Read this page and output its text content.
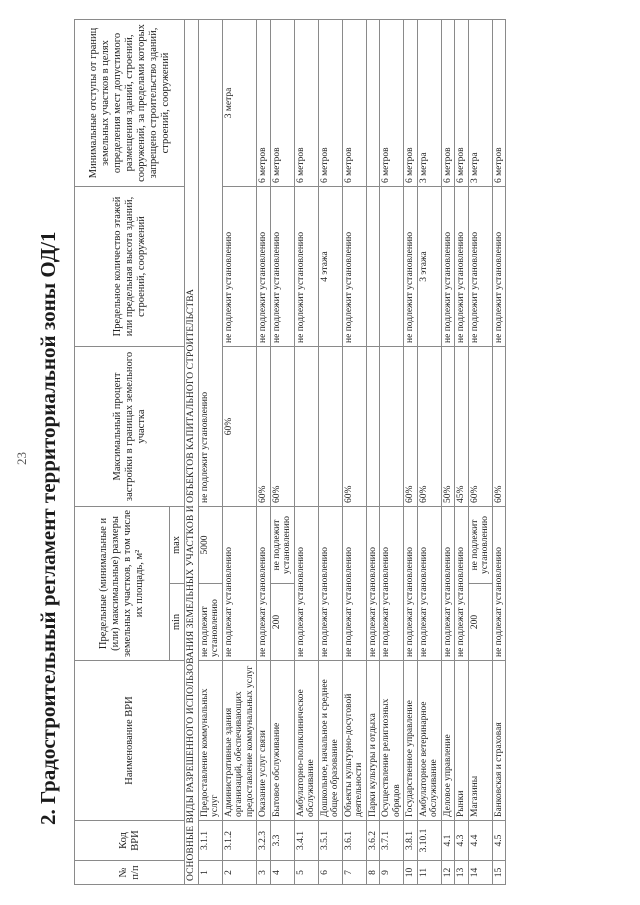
23 2. Градостроительный регламент территориальной зоны ОД/1
№ п/п	Код ВРИ	Наименование ВРИ	Предельные (минимальные и (или) максимальные) размеры земельных участков, в том числе их площадь, м²		Максимальный процент застройки в границах земельного участка	Предельное количество этажей или предельная высота зданий, строений, сооружений	Минимальные отступы от границ земельных участков в целях определения мест допустимого размещения зданий, строений, сооружений, за пределами которых запрещено строительство зданий, строений, сооружений
			min	max			
ОСНОВНЫЕ ВИДЫ РАЗРЕШЕННОГО ИСПОЛЬЗОВАНИЯ ЗЕМЕЛЬНЫХ УЧАСТКОВ И ОБЪЕКТОВ КАПИТАЛЬНОГО СТРОИТЕЛЬСТВА							
1	3.1.1	Предоставление коммунальных услуг	не подлежит установлению	5000	не подлежит установлению		
2	3.1.2	Административные здания организаций, обеспечивающих предоставление коммунальных услуг	не подлежат установлению		60%	не подлежит установлению	3 метра
3	3.2.3	Оказание услуг связи	не подлежат установлению		60%	не подлежит установлению	6 метров
4	3.3	Бытовое обслуживание	200	не подлежит установлению	60%	не подлежит установлению	6 метров
5	3.4.1	Амбулаторно-поликлиническое обслуживание	не подлежат установлению			не подлежит установлению	6 метров
6	3.5.1	Дошкольное, начальное и среднее общее образование	не подлежат установлению			4 этажа	6 метров
7	3.6.1	Объекты культурно-досуговой деятельности	не подлежат установлению		60%	не подлежит установлению	6 метров
8	3.6.2	Парки культуры и отдыха	не подлежат установлению				
9	3.7.1	Осуществление религиозных обрядов	не подлежат установлению				6 метров
10	3.8.1	Государственное управление	не подлежат установлению		60%	не подлежит установлению	6 метров
11	3.10.1	Амбулаторное ветеринарное обслуживание	не подлежат установлению		60%	3 этажа	3 метра
12	4.1	Деловое управление	не подлежат установлению		50%	не подлежит установлению	6 метров
13	4.3	Рынки	не подлежат установлению		45%	не подлежит установлению	6 метров
14	4.4	Магазины	200	не подлежит установлению	60%	не подлежит установлению	3 метра
15	4.5	Банковская и страховая	не подлежат установлению		60%	не подлежит установлению	6 метров
